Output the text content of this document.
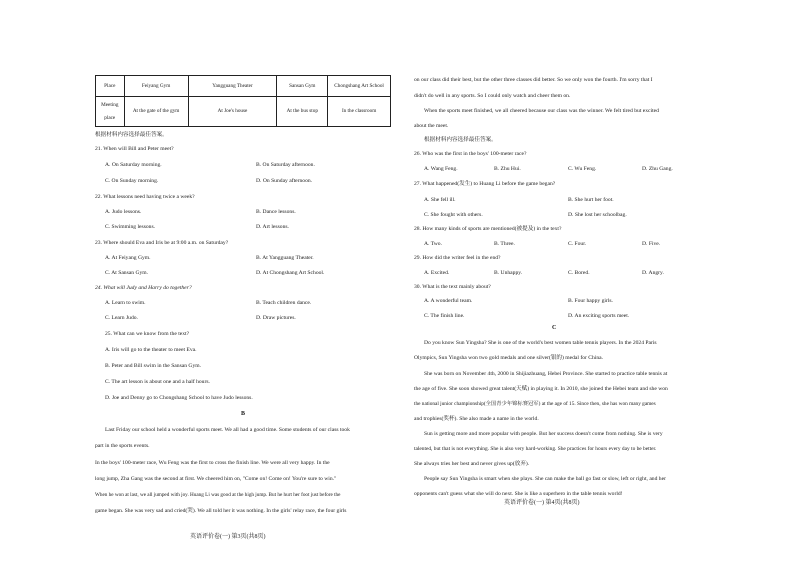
Place	Feiyang Gym	Yangguang Theater	Sansan Gym	Chongshang Art School
Meeting

place	At the gate of the gym	At Joe's house	At the bus stop	In the classroom
根据材料内容选择最佳答案。
21. When will Bill and Peter meet?
A. On Saturday morning.	B. On Saturday afternoon.
C. On Sunday morning.	D. On Sunday afternoon.
22. What lessons need having twice a week?
A. Judo lessons.	B. Dance lessons.
C. Swimming lessons.	D. Art lessons.
23. Where should Eva and Iris be at 9:00 a.m. on Saturday?
A. At Feiyang Gym.	B. At Yangguang Theater.
C. At Sansan Gym.	D. At Chongshang Art School.
24. What will Judy and Harry do together?
A. Learn to swim.	B. Teach children dance.
C. Learn Judo.	D. Draw pictures.
25. What can we know from the text?
A. Iris will go to the theater to meet Eva.
B. Peter and Bill swim in the Sansan Gym.
C. The art lesson is about one and a half hours.
D. Joe and Denny go to Chongshang School to have Judo lessons.
B
Last Friday our school held a wonderful sports meet. We all had a good time. Some students of our class took
part in the sports events.
In the boys' 100-meter race, Wu Feng was the first to cross the finish line. We were all very happy. In the
long jump, Zha Gang was the second at first. We cheered him on, "Come on! Come on! You're sure to win."
When he won at last, we all jumped with joy. Huang Li was good at the high jump. But he hurt her foot just before the
game began. She was very sad and cried(哭). We all told her it was nothing. In the girls' relay race, the four girls
英语评价卷(一) 第3页(共8页)
on our class did their best, but the other three classes did better. So we only won the fourth. I'm sorry that I
didn't do well in any sports. So I could only watch and cheer them on.
When the sports meet finished, we all cheered because our class was the winner. We felt tired but excited
about the meet.
根据材料内容选择最佳答案。
26. Who was the first in the boys' 100-meter race?
A. Wang Feng.	B. Zhu Hui.	C. Wu Feng.	D. Zhu Gang.
27. What happened(发生) to Huang Li before the game began?
A. She fell ill.	B. She hurt her foot.
C. She fought with others.	D. She lost her schoolbag.
28. How many kinds of sports are mentioned(被提及) in the text?
A. Two.	B. Three.	C. Four.	D. Five.
29. How did the writer feel in the end?
A. Excited.	B. Unhappy.	C. Bored.	D. Angry.
30. What is the text mainly about?
A. A wonderful team.	B. Four happy girls.
C. The finish line.	D. An exciting sports meet.
C
Do you know Sun Yingsha? She is one of the world's best women table tennis players. In the 2024 Paris
Olympics, Sun Yingsha won two gold medals and one silver(银的) medal for China.
She was born on November 4th, 2000 in Shijiazhuang, Hebei Province. She started to practice table tennis at
the age of five. She soon showed great talent(天赋) in playing it. In 2010, she joined the Hebei team and she won
the national junior championship(全国青少年锦标赛冠军) at the age of 15. Since then, she has won many games
and trophies(奖杯). She also made a name in the world.
Sun is getting more and more popular with people. But her success doesn't come from nothing. She is very
talented, but that is not everything. She is also very hard-working. She practices for hours every day to be better.
She always tries her best and never gives up(放弃).
People say Sun Yingsha is smart when she plays. She can make the ball go fast or slow, left or right, and her
opponents can't guess what she will do next. She is like a superhero in the table tennis world!
英语评价卷(一) 第4页(共8页)
